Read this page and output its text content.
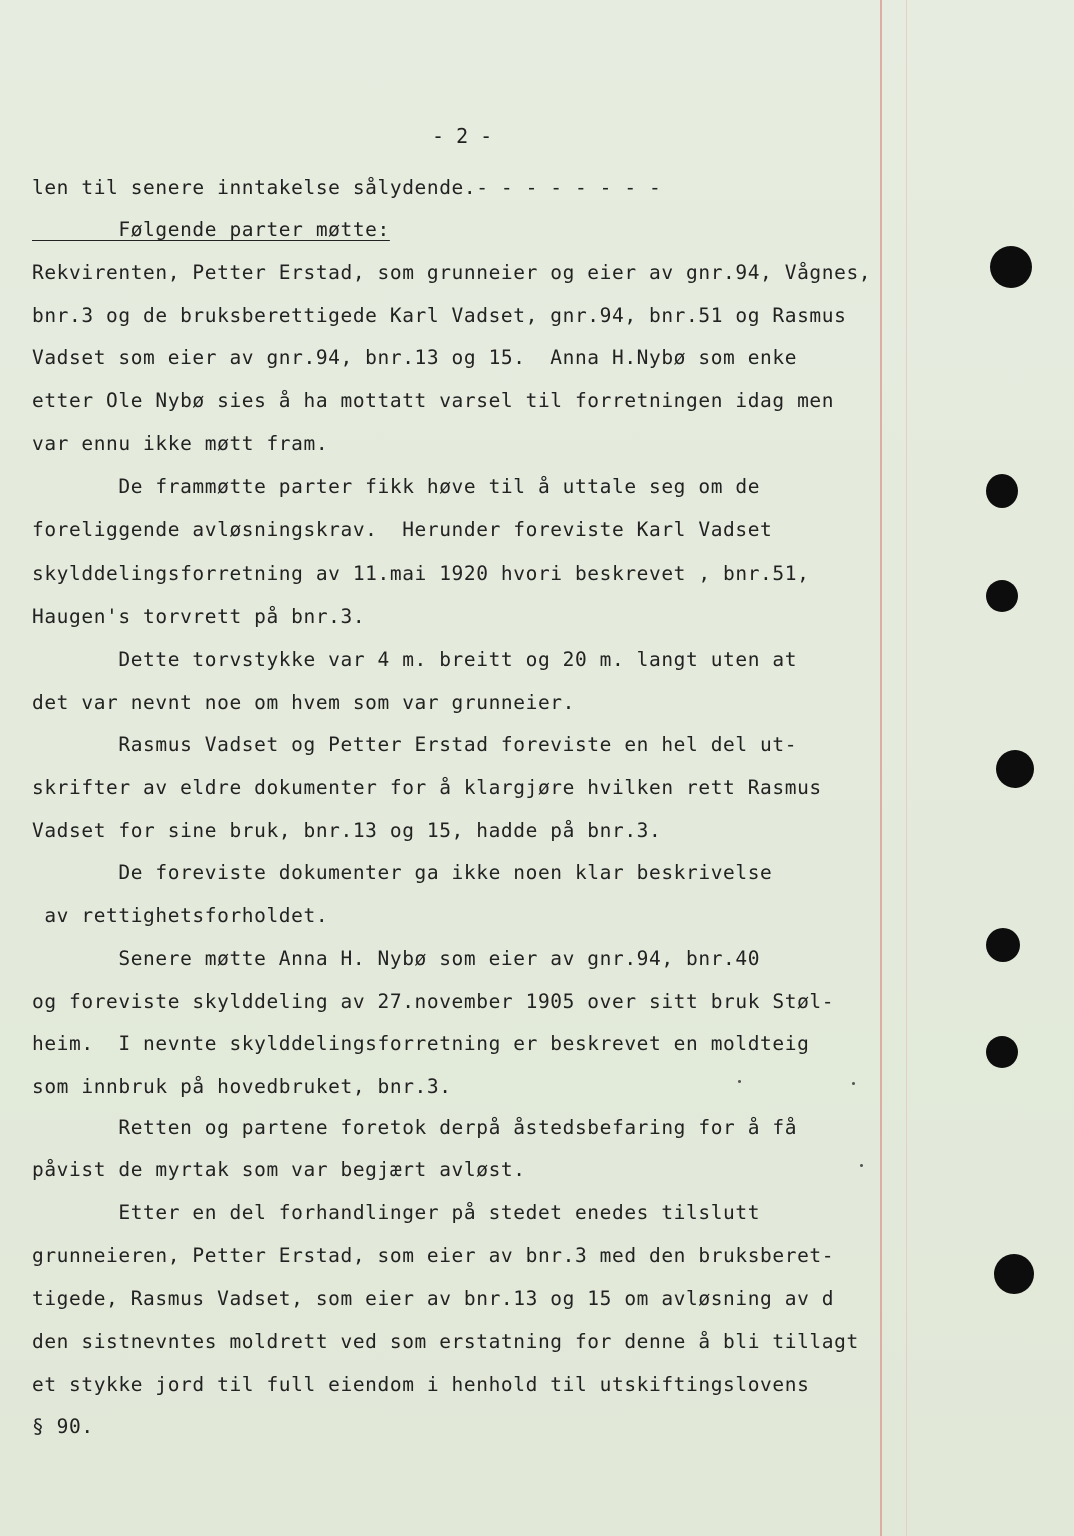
- 2 -
len til senere inntakelse sålydende.- - - - - - - -
Følgende parter møtte:
Rekvirenten, Petter Erstad, som grunneier og eier av gnr.94, Vågnes,
bnr.3 og de bruksberettigede Karl Vadset, gnr.94, bnr.51 og Rasmus
Vadset som eier av gnr.94, bnr.13 og 15.  Anna H.Nybø som enke
etter Ole Nybø sies å ha mottatt varsel til forretningen idag men
var ennu ikke møtt fram.
De frammøtte parter fikk høve til å uttale seg om de
foreliggende avløsningskrav.  Herunder foreviste Karl Vadset
skylddelingsforretning av 11.mai 1920 hvori beskrevet , bnr.51,
Haugen's torvrett på bnr.3.
Dette torvstykke var 4 m. breitt og 20 m. langt uten at
det var nevnt noe om hvem som var grunneier.
Rasmus Vadset og Petter Erstad foreviste en hel del ut-
skrifter av eldre dokumenter for å klargjøre hvilken rett Rasmus
Vadset for sine bruk, bnr.13 og 15, hadde på bnr.3.
De foreviste dokumenter ga ikke noen klar beskrivelse
av rettighetsforholdet.
Senere møtte Anna H. Nybø som eier av gnr.94, bnr.40
og foreviste skylddeling av 27.november 1905 over sitt bruk Støl-
heim.  I nevnte skylddelingsforretning er beskrevet en moldteig
som innbruk på hovedbruket, bnr.3.
Retten og partene foretok derpå åstedsbefaring for å få
påvist de myrtak som var begjært avløst.
Etter en del forhandlinger på stedet enedes tilslutt
grunneieren, Petter Erstad, som eier av bnr.3 med den bruksberet-
tigede, Rasmus Vadset, som eier av bnr.13 og 15 om avløsning av d
den sistnevntes moldrett ved som erstatning for denne å bli tillagt
et stykke jord til full eiendom i henhold til utskiftingslovens
§ 90.
